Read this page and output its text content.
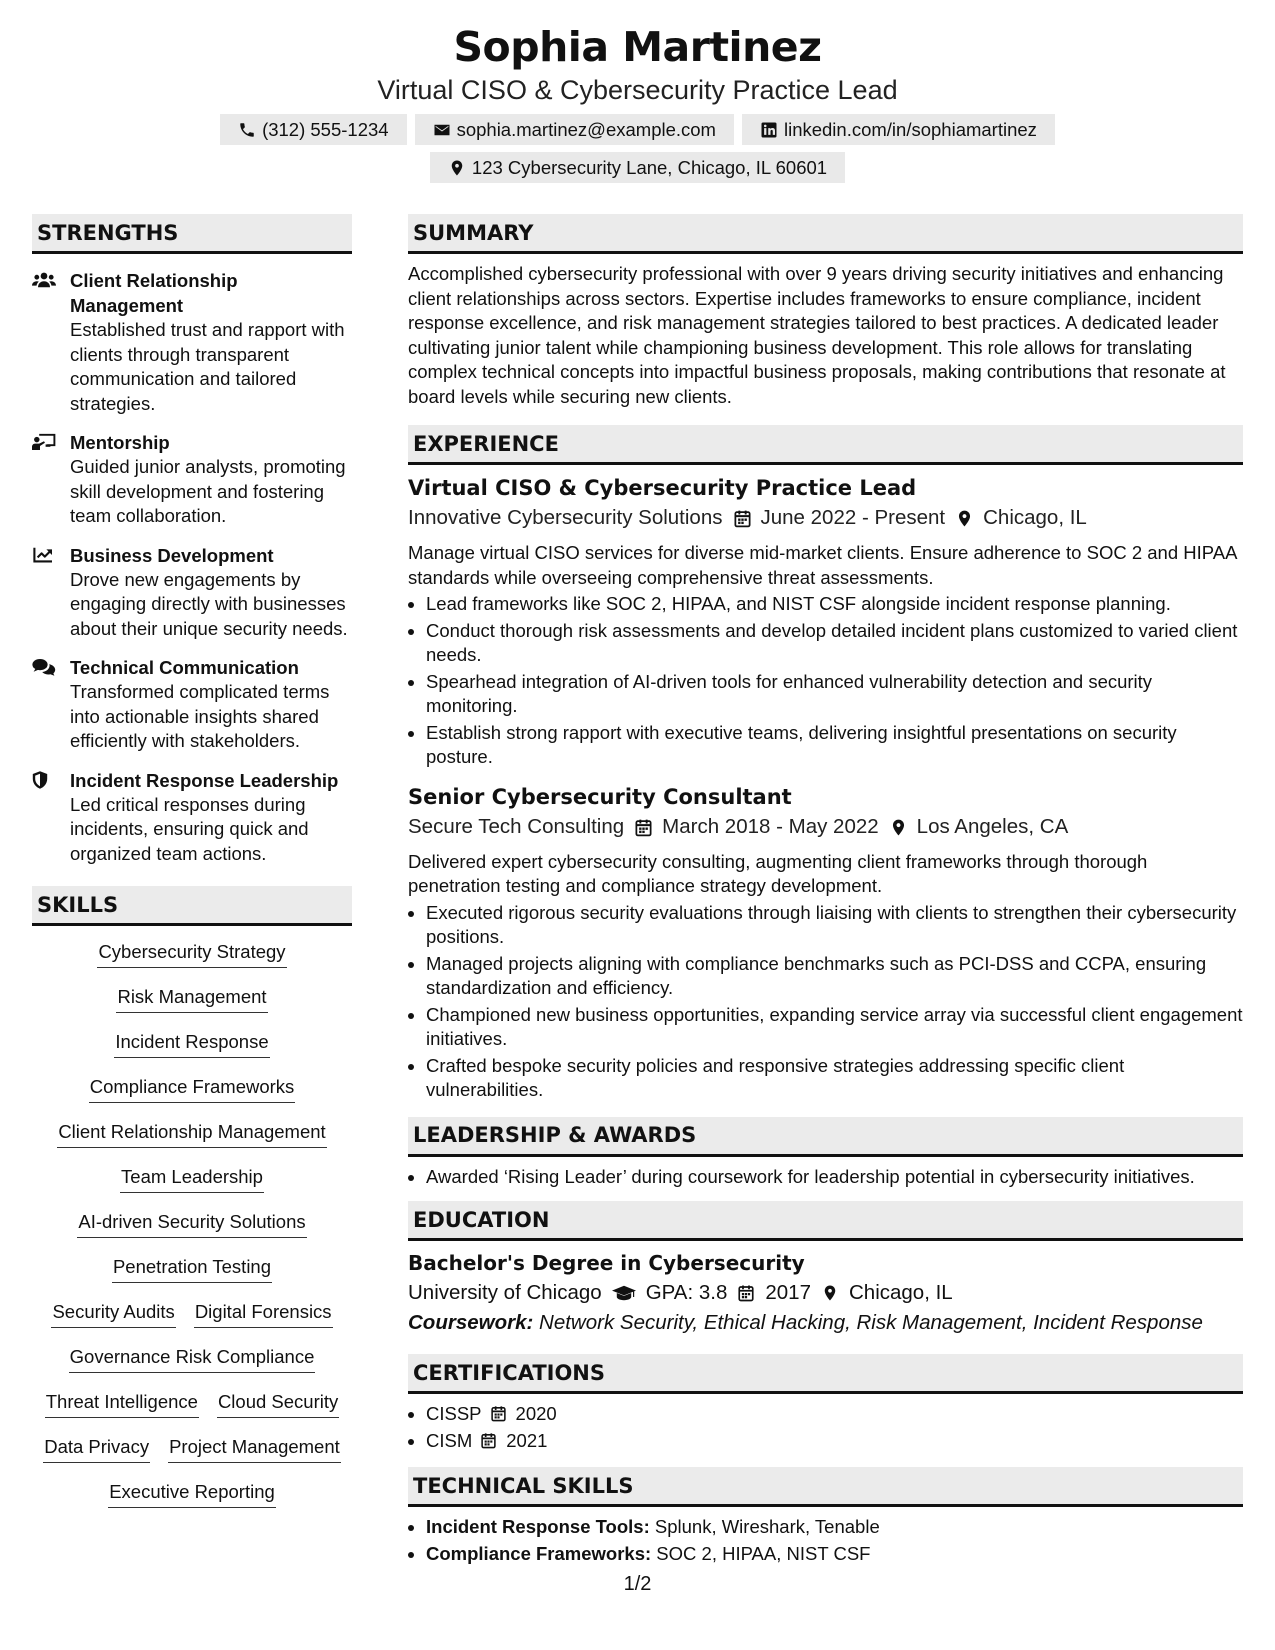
Sophia Martinez
Virtual CISO & Cybersecurity Practice Lead
(312) 555-1234	sophia.martinez@example.com	linkedin.com/in/sophiamartinez
123 Cybersecurity Lane, Chicago, IL 60601
STRENGTHS
Client Relationship Management
Established trust and rapport with clients through transparent communication and tailored strategies.
Mentorship
Guided junior analysts, promoting skill development and fostering team collaboration.
Business Development
Drove new engagements by engaging directly with businesses about their unique security needs.
Technical Communication
Transformed complicated terms into actionable insights shared efficiently with stakeholders.
Incident Response Leadership
Led critical responses during incidents, ensuring quick and organized team actions.
SKILLS
Cybersecurity Strategy
Risk Management
Incident Response
Compliance Frameworks
Client Relationship Management
Team Leadership
AI-driven Security Solutions
Penetration Testing
Security Audits Digital Forensics
Governance Risk Compliance
Threat Intelligence Cloud Security
Data Privacy Project Management
Executive Reporting
SUMMARY
Accomplished cybersecurity professional with over 9 years driving security initiatives and enhancing client relationships across sectors. Expertise includes frameworks to ensure compliance, incident response excellence, and risk management strategies tailored to best practices. A dedicated leader cultivating junior talent while championing business development. This role allows for translating complex technical concepts into impactful business proposals, making contributions that resonate at board levels while securing new clients.
EXPERIENCE
Virtual CISO & Cybersecurity Practice Lead
Innovative Cybersecurity Solutions June 2022 - Present Chicago, IL
Manage virtual CISO services for diverse mid-market clients. Ensure adherence to SOC 2 and HIPAA standards while overseeing comprehensive threat assessments.
• Lead frameworks like SOC 2, HIPAA, and NIST CSF alongside incident response planning.
• Conduct thorough risk assessments and develop detailed incident plans customized to varied client needs.
• Spearhead integration of AI-driven tools for enhanced vulnerability detection and security monitoring.
• Establish strong rapport with executive teams, delivering insightful presentations on security posture.
Senior Cybersecurity Consultant
Secure Tech Consulting March 2018 - May 2022 Los Angeles, CA
Delivered expert cybersecurity consulting, augmenting client frameworks through thorough penetration testing and compliance strategy development.
• Executed rigorous security evaluations through liaising with clients to strengthen their cybersecurity positions.
• Managed projects aligning with compliance benchmarks such as PCI-DSS and CCPA, ensuring standardization and efficiency.
• Championed new business opportunities, expanding service array via successful client engagement initiatives.
• Crafted bespoke security policies and responsive strategies addressing specific client vulnerabilities.
LEADERSHIP & AWARDS
• Awarded ‘Rising Leader’ during coursework for leadership potential in cybersecurity initiatives.
EDUCATION
Bachelor's Degree in Cybersecurity
University of Chicago GPA: 3.8 2017 Chicago, IL
Coursework: Network Security, Ethical Hacking, Risk Management, Incident Response
CERTIFICATIONS
• CISSP 2020
• CISM 2021
TECHNICAL SKILLS
• Incident Response Tools: Splunk, Wireshark, Tenable
• Compliance Frameworks: SOC 2, HIPAA, NIST CSF
1/2
